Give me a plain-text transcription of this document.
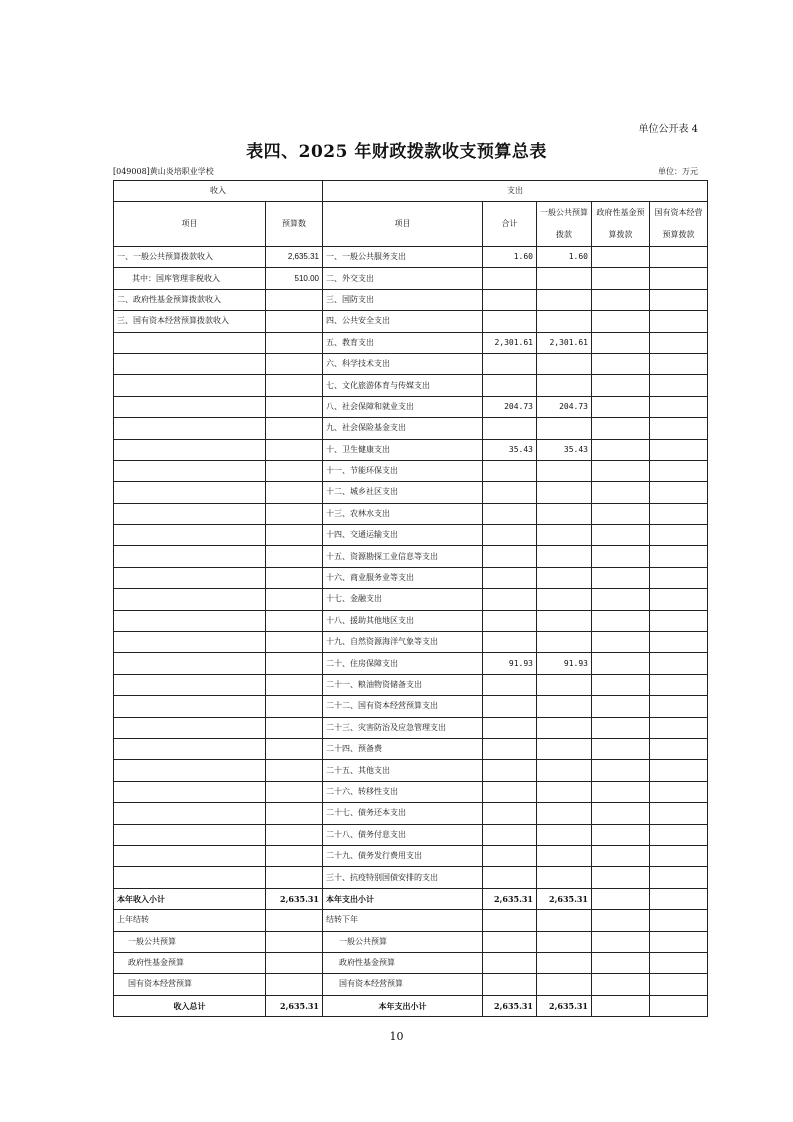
单位公开表 4
表四、2025 年财政拨款收支预算总表
[049008]黄山炎培职业学校	单位：万元
收入		支出				
项目	预算数	项目	合计	一般公共预算拨款	政府性基金预算拨款	国有资本经营预算拨款
一、一般公共预算拨款收入	2,635.31	一、一般公共服务支出	1.60	1.60		
其中：国库管理非税收入	510.00	二、外交支出				
二、政府性基金预算拨款收入		三、国防支出				
三、国有资本经营预算拨款收入		四、公共安全支出				
		五、教育支出	2,301.61	2,301.61		
		六、科学技术支出				
		七、文化旅游体育与传媒支出				
		八、社会保障和就业支出	204.73	204.73		
		九、社会保险基金支出				
		十、卫生健康支出	35.43	35.43		
		十一、节能环保支出				
		十二、城乡社区支出				
		十三、农林水支出				
		十四、交通运输支出				
		十五、资源勘探工业信息等支出				
		十六、商业服务业等支出				
		十七、金融支出				
		十八、援助其他地区支出				
		十九、自然资源海洋气象等支出				
		二十、住房保障支出	91.93	91.93		
		二十一、粮油物资储备支出				
		二十二、国有资本经营预算支出				
		二十三、灾害防治及应急管理支出				
		二十四、预备费				
		二十五、其他支出				
		二十六、转移性支出				
		二十七、债务还本支出				
		二十八、债务付息支出				
		二十九、债务发行费用支出				
		三十、抗疫特别国债安排的支出				
本年收入小计	2,635.31	本年支出小计	2,635.31	2,635.31		
上年结转		结转下年				
一般公共预算		一般公共预算				
政府性基金预算		政府性基金预算				
国有资本经营预算		国有资本经营预算				
收入总计	2,635.31	本年支出小计	2,635.31	2,635.31		
10
